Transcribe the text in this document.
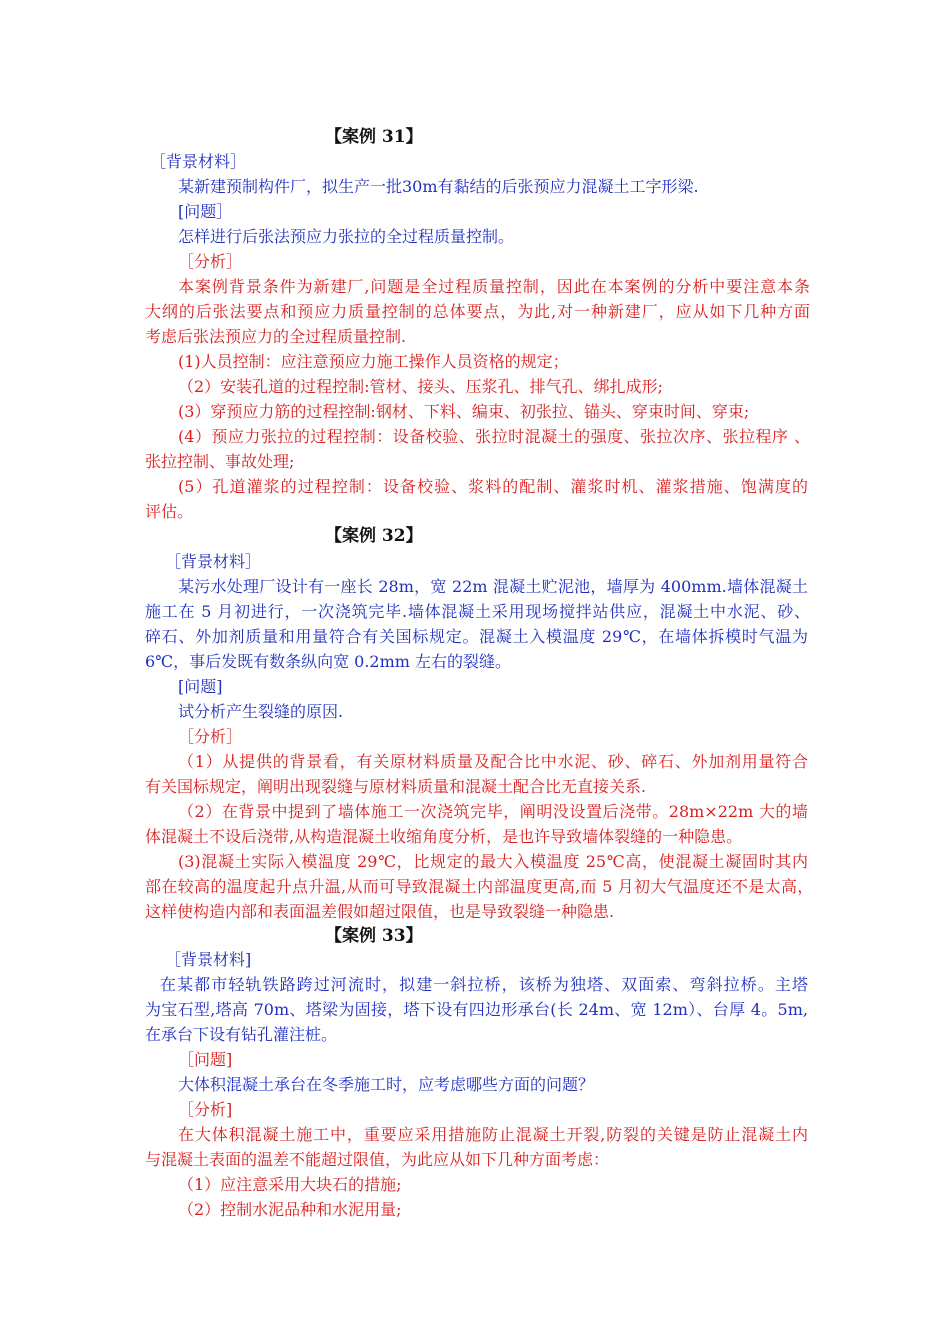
【案例 31】
［背景材料］
某新建预制构件厂，拟生产一批30m有黏结的后张预应力混凝土工字形梁.
[问题］
怎样进行后张法预应力张拉的全过程质量控制。
［分析］
本案例背景条件为新建厂,问题是全过程质量控制，因此在本案例的分析中要注意本条
大纲的后张法要点和预应力质量控制的总体要点，为此,对一种新建厂，应从如下几种方面
考虑后张法预应力的全过程质量控制.
(1)人员控制：应注意预应力施工操作人员资格的规定；
（2）安装孔道的过程控制:管材、接头、压浆孔、排气孔、绑扎成形;
(3）穿预应力筋的过程控制:钢材、下料、编束、初张拉、锚头、穿束时间、穿束;
(4）预应力张拉的过程控制：设备校验、张拉时混凝土的强度、张拉次序、张拉程序 、
张拉控制、事故处理;
(5）孔道灌浆的过程控制：设备校验、浆料的配制、灌浆时机、灌浆措施、饱满度的
评估。
【案例 32】
［背景材料］
某污水处理厂设计有一座长 28m，宽 22m 混凝土贮泥池，墙厚为 400mm.墙体混凝土
施工在 5 月初进行，一次浇筑完毕.墙体混凝土采用现场搅拌站供应，混凝土中水泥、砂、
碎石、外加剂质量和用量符合有关国标规定。混凝土入模温度 29℃，在墙体拆模时气温为
6℃，事后发既有数条纵向宽 0.2mm 左右的裂缝。
[问题]
试分析产生裂缝的原因.
［分析］
（1）从提供的背景看，有关原材料质量及配合比中水泥、砂、碎石、外加剂用量符合
有关国标规定，阐明出现裂缝与原材料质量和混凝土配合比无直接关系.
（2）在背景中提到了墙体施工一次浇筑完毕，阐明没设置后浇带。28m×22m 大的墙
体混凝土不设后浇带,从构造混凝土收缩角度分析，是也许导致墙体裂缝的一种隐患。
(3)混凝土实际入模温度 29℃，比规定的最大入模温度 25℃高，使混凝土凝固时其内
部在较高的温度起升点升温,从而可导致混凝土内部温度更高,而 5 月初大气温度还不是太高，
这样使构造内部和表面温差假如超过限值，也是导致裂缝一种隐患.
【案例 33】
［背景材料]
在某都市轻轨铁路跨过河流时，拟建一斜拉桥，该桥为独塔、双面索、弯斜拉桥。主塔
为宝石型,塔高 70m、塔梁为固接，塔下设有四边形承台(长 24m、宽 12m）、台厚 4。5m,
在承台下设有钻孔灌注桩。
［问题]
大体积混凝土承台在冬季施工时，应考虑哪些方面的问题？
［分析]
在大体积混凝土施工中，重要应采用措施防止混凝土开裂,防裂的关键是防止混凝土内
与混凝土表面的温差不能超过限值，为此应从如下几种方面考虑：
（1）应注意采用大块石的措施;
（2）控制水泥品种和水泥用量;
